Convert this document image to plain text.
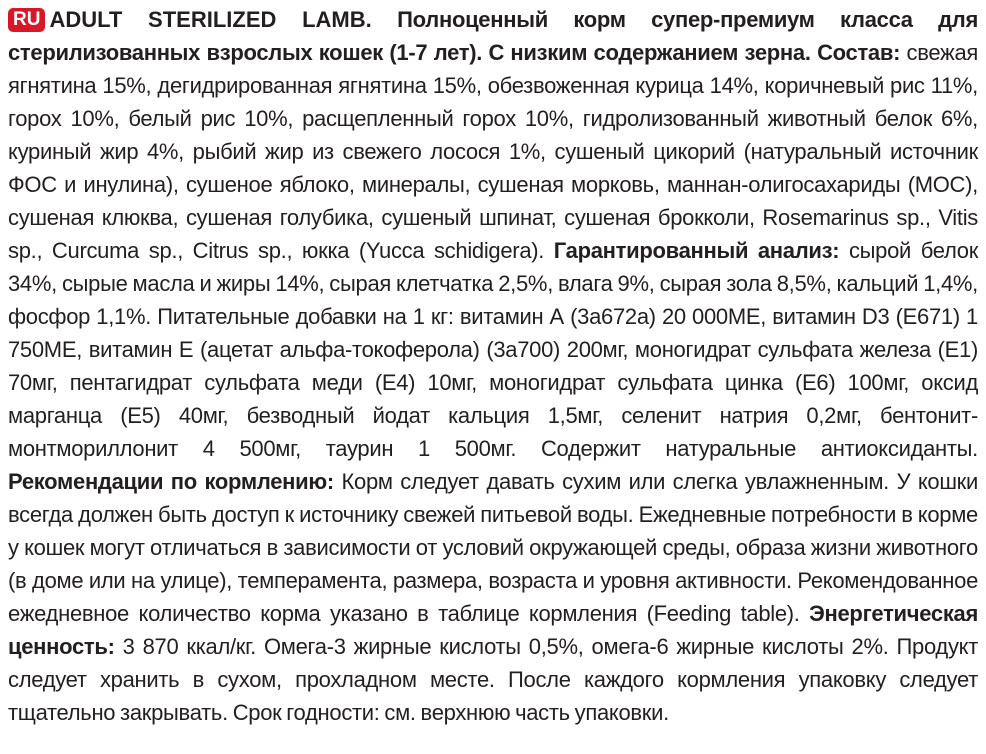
RU ADULT STERILIZED LAMB. Полноценный корм супер-премиум класса для стерилизованных взрослых кошек (1-7 лет). С низким содержанием зерна. Состав: свежая ягнятина 15%, дегидрированная ягнятина 15%, обезвоженная курица 14%, коричневый рис 11%, горох 10%, белый рис 10%, расщепленный горох 10%, гидролизованный животный белок 6%, куриный жир 4%, рыбий жир из свежего лосося 1%, сушеный цикорий (натуральный источник ФОС и инулина), сушеное яблоко, минералы, сушеная морковь, маннан-олигосахариды (МОС), сушеная клюква, сушеная голубика, сушеный шпинат, сушеная брокколи, Rosemarinus sp., Vitis sp., Curcuma sp., Citrus sp., юкка (Yucca schidigera). Гарантированный анализ: сырой белок 34%, сырые масла и жиры 14%, сырая клетчатка 2,5%, влага 9%, сырая зола 8,5%, кальций 1,4%, фосфор 1,1%. Питательные добавки на 1 кг: витамин А (3а672а) 20 000МЕ, витамин D3 (Е671) 1 750МЕ, витамин Е (ацетат альфа-токоферола) (3а700) 200мг, моногидрат сульфата железа (E1) 70мг, пентагидрат сульфата меди (E4) 10мг, моногидрат сульфата цинка (E6) 100мг, оксид марганца (E5) 40мг, безводный йодат кальция 1,5мг, селенит натрия 0,2мг, бентонит-монтмориллонит 4 500мг, таурин 1 500мг. Содержит натуральные антиоксиданты. Рекомендации по кормлению: Корм следует давать сухим или слегка увлажненным. У кошки всегда должен быть доступ к источнику свежей питьевой воды. Ежедневные потребности в корме у кошек могут отличаться в зависимости от условий окружающей среды, образа жизни животного (в доме или на улице), темперамента, размера, возраста и уровня активности. Рекомендованное ежедневное количество корма указано в таблице кормления (Feeding table). Энергетическая ценность: 3 870 ккал/кг. Омега-3 жирные кислоты 0,5%, омега-6 жирные кислоты 2%. Продукт следует хранить в сухом, прохладном месте. После каждого кормления упаковку следует тщательно закрывать. Срок годности: см. верхнюю часть упаковки.
